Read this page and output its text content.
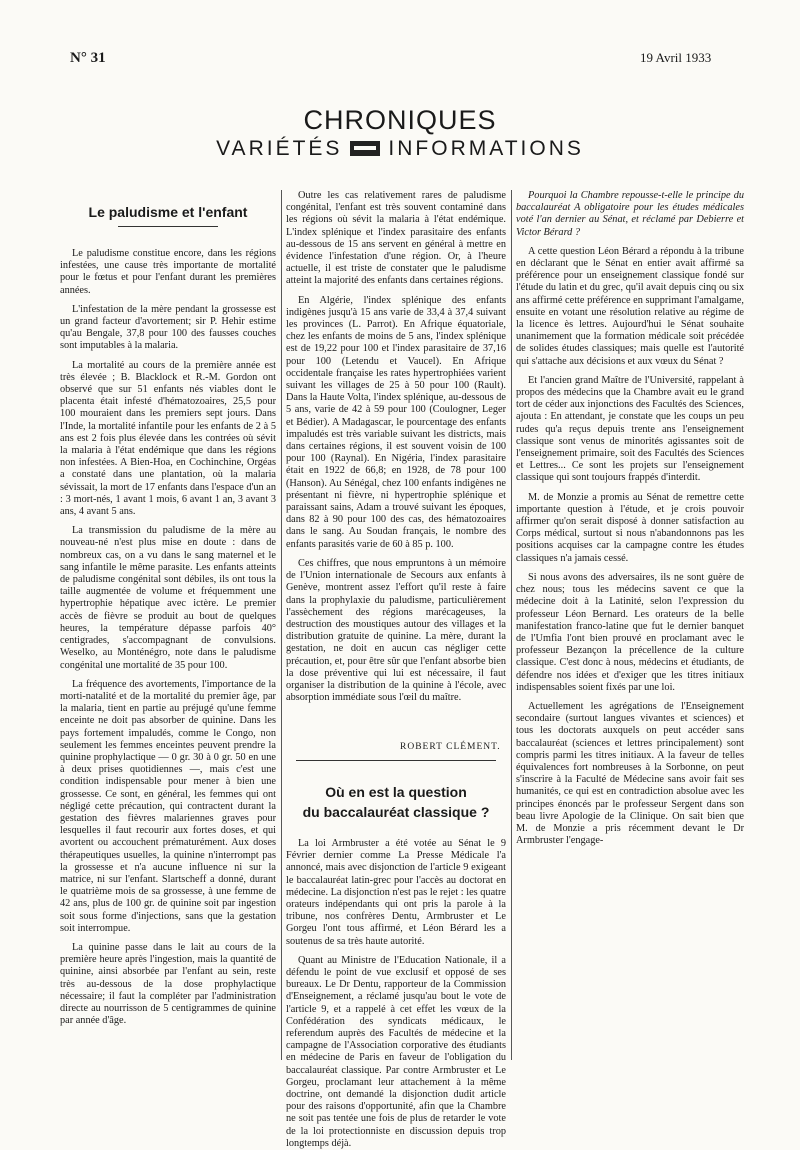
N° 31	19 Avril 1933
CHRONIQUES
VARIÉTÉS INFORMATIONS
Le paludisme et l'enfant

Le paludisme constitue encore, dans les régions infestées, une cause très importante de mortalité pour le fœtus et pour l'enfant durant les premières années.

L'infestation de la mère pendant la grossesse est un grand facteur d'avortement; sir P. Hehir estime qu'au Bengale, 37,8 pour 100 des fausses couches sont imputables à la malaria.

La mortalité au cours de la première année est très élevée ; B. Blacklock et R.-M. Gordon ont observé que sur 51 enfants nés viables dont le placenta était infesté d'hématozoaires, 25,5 pour 100 mouraient dans les premiers sept jours. Dans l'Inde, la mortalité infantile pour les enfants de 2 à 5 ans est 2 fois plus élevée dans les contrées où sévit la malaria à l'état endémique que dans les régions non infestées. A Bien-Hoa, en Cochinchine, Orgéas a constaté dans une plantation, où la malaria sévissait, la mort de 17 enfants dans l'espace d'un an : 3 mort-nés, 1 avant 1 mois, 6 avant 1 an, 3 avant 3 ans, 4 avant 5 ans.

La transmission du paludisme de la mère au nouveau-né n'est plus mise en doute : dans de nombreux cas, on a vu dans le sang maternel et le sang infantile le même parasite. Les enfants atteints de paludisme congénital sont débiles, ils ont tous la taille augmentée de volume et fréquemment une hypertrophie hépatique avec ictère. Le premier accès de fièvre se produit au bout de quelques heures, la température dépasse parfois 40° centigrades, s'accompagnant de convulsions. Weselko, au Monténégro, note dans le paludisme congénital une mortalité de 35 pour 100.

La fréquence des avortements, l'importance de la morti-natalité et de la mortalité du premier âge, par la malaria, tient en partie au préjugé qu'une femme enceinte ne doit pas absorber de quinine. Dans les pays fortement impaludés, comme le Congo, non seulement les femmes enceintes peuvent prendre la quinine prophylactique — 0 gr. 30 à 0 gr. 50 en une à deux prises quotidiennes —, mais c'est une condition indispensable pour mener à bien une grossesse. Ce sont, en général, les femmes qui ont négligé cette précaution, qui contractent durant la gestation des fièvres malariennes graves pour lesquelles il faut recourir aux fortes doses, et qui avortent ou accouchent prématurément. Aux doses thérapeutiques usuelles, la quinine n'interrompt pas la grossesse et n'a aucune influence ni sur la matrice, ni sur l'enfant. Slartscheff a donné, durant le quatrième mois de sa grossesse, à une femme de 42 ans, plus de 100 gr. de quinine soit par ingestion soit sous forme d'injections, sans que la gestation soit interrompue.

La quinine passe dans le lait au cours de la première heure après l'ingestion, mais la quantité de quinine, ainsi absorbée par l'enfant au sein, reste très au-dessous de la dose prophylactique nécessaire; il faut la compléter par l'administration directe au nourrisson de 5 centigrammes de quinine par année d'âge.

Outre les cas relativement rares de paludisme congénital, l'enfant est très souvent contaminé dans les régions où sévit la malaria à l'état endémique. L'index splénique et l'index parasitaire des enfants au-dessous de 15 ans servent en général à mettre en évidence l'infestation d'une région. Or, à l'heure actuelle, il est triste de constater que le paludisme atteint la majorité des enfants dans certaines régions.

En Algérie, l'index splénique des enfants indigènes jusqu'à 15 ans varie de 33,4 à 37,4 suivant les provinces (L. Parrot). En Afrique équatoriale, chez les enfants de moins de 5 ans, l'index splénique est de 19,22 pour 100 et l'index parasitaire de 37,16 pour 100 (Letendu et Vaucel). En Afrique occidentale française les rates hypertrophiées varient suivant les villages de 25 à 50 pour 100 (Rault). Dans la Haute Volta, l'index splénique, au-dessous de 5 ans, varie de 42 à 59 pour 100 (Coulogner, Leger et Bédier). A Madagascar, le pourcentage des enfants impaludés est très variable suivant les districts, mais dans certaines régions, il est souvent voisin de 100 pour 100 (Raynal). En Nigéria, l'index parasitaire était en 1922 de 66,8; en 1928, de 78 pour 100 (Hanson). Au Sénégal, chez 100 enfants indigènes ne présentant ni fièvre, ni hypertrophie splénique et paraissant sains, Adam a trouvé suivant les époques, dans 82 à 90 pour 100 des cas, des hématozoaires dans le sang. Au Soudan français, le nombre des enfants parasités varie de 60 à 85 p. 100.

Ces chiffres, que nous empruntons à un mémoire de l'Union internationale de Secours aux enfants à Genève, montrent assez l'effort qu'il reste à faire dans la prophylaxie du paludisme, particulièrement l'assèchement des régions marécageuses, la destruction des moustiques autour des villages et la distribution gratuite de quinine. La mère, durant la gestation, ne doit en aucun cas négliger cette précaution, et, pour être sûr que l'enfant absorbe bien la dose préventive qui lui est nécessaire, il faut organiser la distribution de la quinine à l'école, avec absorption immédiate sous l'œil du maître.

ROBERT CLÉMENT.
Où en est la question
du baccalauréat classique ?

La loi Armbruster a été votée au Sénat le 9 Février dernier comme La Presse Médicale l'a annoncé, mais avec disjonction de l'article 9 exigeant le baccalauréat latin-grec pour l'accès au doctorat en médecine. La disjonction n'est pas le rejet : les quatre orateurs indépendants qui ont pris la parole à la tribune, nos confrères Dentu, Armbruster et Le Gorgeu l'ont tous affirmé, et Léon Bérard les a soutenus de sa très haute autorité.

Quant au Ministre de l'Education Nationale, il a défendu le point de vue exclusif et opposé de ses bureaux. Le Dr Dentu, rapporteur de la Commission d'Enseignement, a réclamé jusqu'au bout le vote de l'article 9, et a rappelé à cet effet les vœux de la Confédération des syndicats médicaux, le referendum auprès des Facultés de médecine et la campagne de l'Association corporative des étudiants en médecine de Paris en faveur de l'obligation du baccalauréat classique. Par contre Armbruster et Le Gorgeu, proclamant leur attachement à la même doctrine, ont demandé la disjonction dudit article pour des raisons d'opportunité, afin que la Chambre ne soit pas tentée une fois de plus de retarder le vote de la loi protectionniste en discussion depuis trop longtemps déjà.

Pourquoi la Chambre repousse-t-elle le principe du baccalauréat A obligatoire pour les études médicales voté l'an dernier au Sénat, et réclamé par Debierre et Victor Bérard ?

A cette question Léon Bérard a répondu à la tribune en déclarant que le Sénat en entier avait affirmé sa préférence pour un enseignement classique fondé sur l'étude du latin et du grec, qu'il avait depuis cinq ou six ans affirmé cette préférence en supprimant l'amalgame, ensuite en votant une résolution relative au régime de la licence ès lettres. Aujourd'hui le Sénat souhaite unanimement que la formation médicale soit précédée de solides études classiques; mais quelle est l'autorité qui s'attache aux décisions et aux vœux du Sénat ?

Et l'ancien grand Maître de l'Université, rappelant à propos des médecins que la Chambre avait eu le grand tort de céder aux injonctions des Facultés des Sciences, ajouta : En attendant, je constate que les coups un peu rudes qu'a reçus depuis trente ans l'enseignement classique sont venus de minorités agissantes soit de l'enseignement primaire, soit des Facultés des Sciences et Lettres... Ce sont les projets sur l'enseignement classique qui sont toujours frappés d'interdit.

M. de Monzie a promis au Sénat de remettre cette importante question à l'étude, et je crois pouvoir affirmer qu'on serait disposé à donner satisfaction au Corps médical, surtout si nous n'abandonnons pas les positions acquises car la campagne contre les études classiques n'a jamais cessé.

Si nous avons des adversaires, ils ne sont guère de chez nous; tous les médecins savent ce que la médecine doit à la Latinité, selon l'expression du professeur Léon Bernard. Les orateurs de la belle manifestation franco-latine que fut le dernier banquet de l'Umfia l'ont bien prouvé en proclamant avec le professeur Bezançon la précellence de la culture classique. C'est donc à nous, médecins et étudiants, de défendre nos idées et d'exiger que les titres initiaux indispensables soient fixés par une loi.

Actuellement les agrégations de l'Enseignement secondaire (surtout langues vivantes et sciences) et tous les doctorats auxquels on peut accéder sans baccalauréat (sciences et lettres principalement) sont compris parmi les titres initiaux. A la faveur de telles équivalences fort nombreuses à la Sorbonne, on peut s'inscrire à la Faculté de Médecine sans avoir fait ses humanités, ce qui est en contradiction absolue avec les principes énoncés par le professeur Sergent dans son beau livre Apologie de la Clinique. On sait bien que M. de Monzie a pris récemment devant le Dr Armbruster l'engage-
